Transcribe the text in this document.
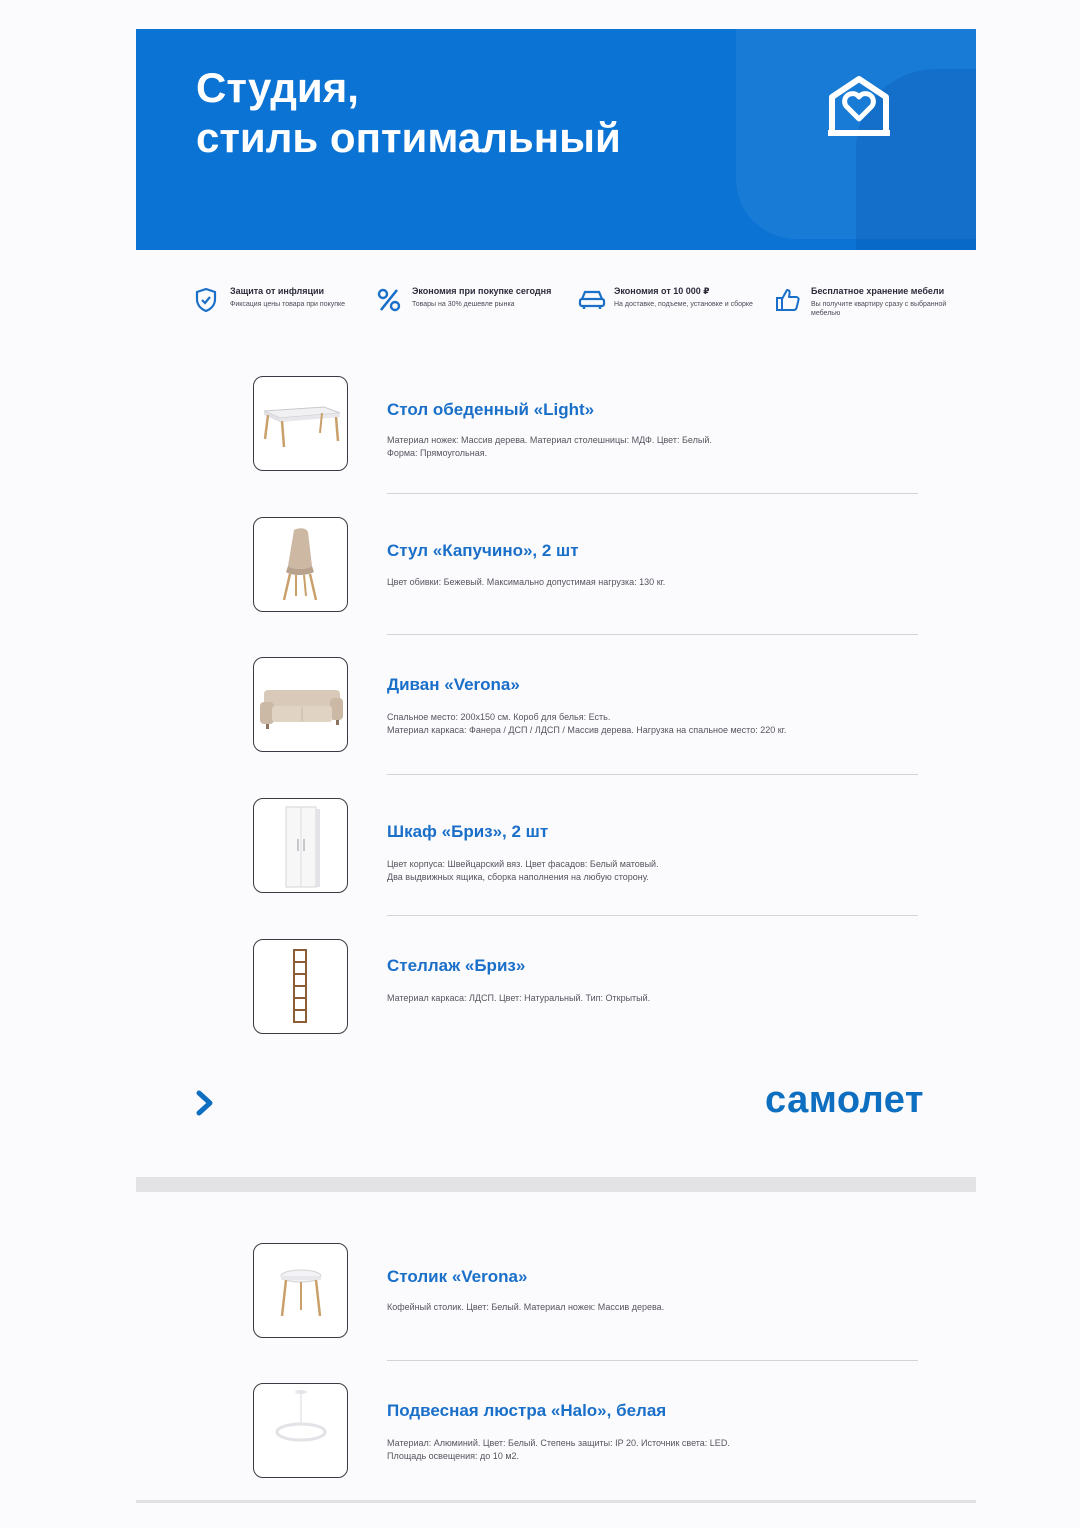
Студия,
стиль оптимальный
Защита от инфляции
Фиксация цены товара при покупке
Экономия при покупке сегодня
Товары на 30% дешевле рынка
Экономия от 10 000 ₽
На доставке, подъеме, установке и сборке
Бесплатное хранение мебели
Вы получите квартиру сразу с выбранной мебелью
Стол обеденный «Light»
Материал ножек: Массив дерева. Материал столешницы: МДФ. Цвет: Белый.
Форма: Прямоугольная.
Стул «Капучино», 2 шт
Цвет обивки: Бежевый. Максимально допустимая нагрузка: 130 кг.
Диван «Verona»
Спальное место: 200x150 см. Короб для белья: Есть.
Материал каркаса: Фанера / ДСП / ЛДСП / Массив дерева. Нагрузка на спальное место: 220 кг.
Шкаф «Бриз», 2 шт
Цвет корпуса: Швейцарский вяз. Цвет фасадов: Белый матовый.
Два выдвижных ящика, сборка наполнения на любую сторону.
Стеллаж «Бриз»
Материал каркаса: ЛДСП. Цвет: Натуральный. Тип: Открытый.
самолет
Столик «Verona»
Кофейный столик. Цвет: Белый. Материал ножек: Массив дерева.
Подвесная люстра «Halo», белая
Материал: Алюминий. Цвет: Белый. Степень защиты: IP 20. Источник света: LED.
Площадь освещения: до 10 м2.
